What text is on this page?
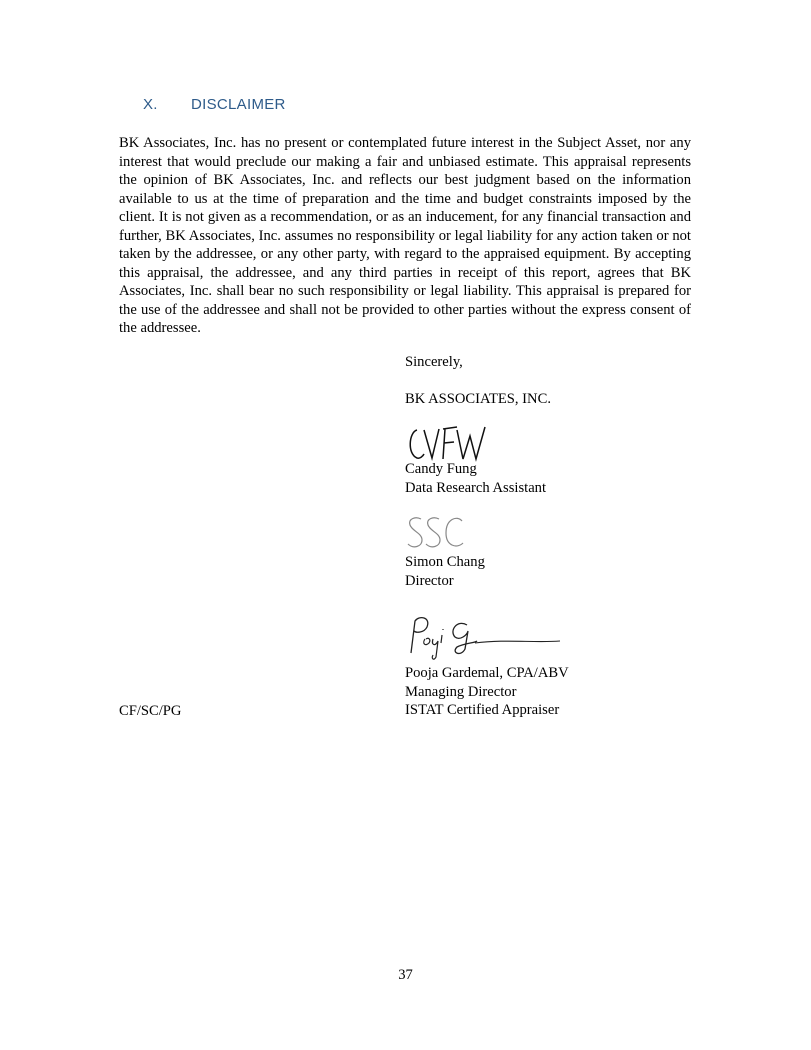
X.	DISCLAIMER
BK Associates, Inc. has no present or contemplated future interest in the Subject Asset, nor any interest that would preclude our making a fair and unbiased estimate. This appraisal represents the opinion of BK Associates, Inc. and reflects our best judgment based on the information available to us at the time of preparation and the time and budget constraints imposed by the client. It is not given as a recommendation, or as an inducement, for any financial transaction and further, BK Associates, Inc. assumes no responsibility or legal liability for any action taken or not taken by the addressee, or any other party, with regard to the appraised equipment. By accepting this appraisal, the addressee, and any third parties in receipt of this report, agrees that BK Associates, Inc. shall bear no such responsibility or legal liability. This appraisal is prepared for the use of the addressee and shall not be provided to other parties without the express consent of the addressee.
Sincerely,
BK ASSOCIATES, INC.
Candy Fung
Data Research Assistant
Simon Chang
Director
Pooja Gardemal, CPA/ABV
Managing Director
ISTAT Certified Appraiser
CF/SC/PG
37
